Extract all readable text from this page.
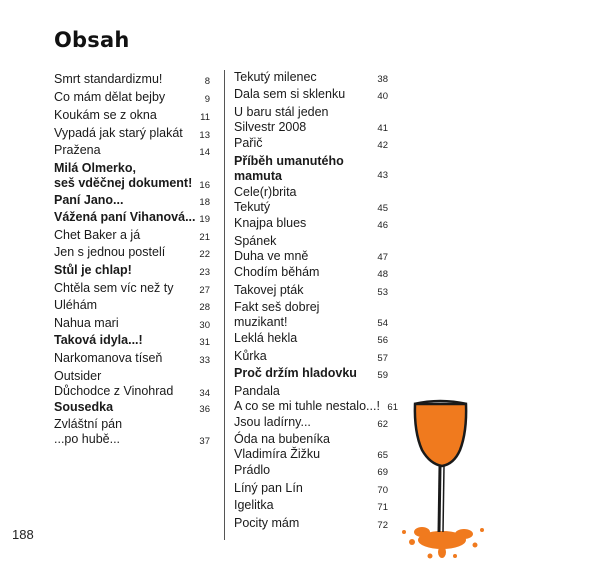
Obsah
Smrt standardizmu!	8
Co mám dělat bejby	9
Koukám se z okna	11
Vypadá jak starý plakát	13
Pražena	14
Milá Olmerko,
seš vděčnej dokument! 16
Paní Jano...	18
Vážená paní Vihanová... 19
Chet Baker a já	21
Jen s jednou postelí	22
Stůl je chlap!	23
Chtěla sem víc než ty	27
Uléhám	28
Nahua mari	30
Taková idyla...!	31
Narkomanova tíseň	33
Outsider
Důchodce z Vinohrad	34
Sousedka	36
Zvláštní pán
...po hubě...	37
Tekutý milenec	38
Dala sem si sklenku	40
U baru stál jeden
Silvestr 2008	41
Pařič	42
Příběh umanutého
mamuta	43
Cele(r)brita
Tekutý	45
Knajpa blues	46
Spánek
Duha ve mně	47
Chodím běhám	48
Takovej pták	53
Fakt seš dobrej
muzikant!	54
Leklá hekla	56
Kůrka	57
Proč držím hladovku	59
Pandala
A co se mi tuhle nestalo...! 61
Jsou ladírny...	62
Óda na bubeníka
Vladimíra Žižku	65
Prádlo	69
Líný pan Lín	70
Igelitka	71
Pocity mám	72
188
